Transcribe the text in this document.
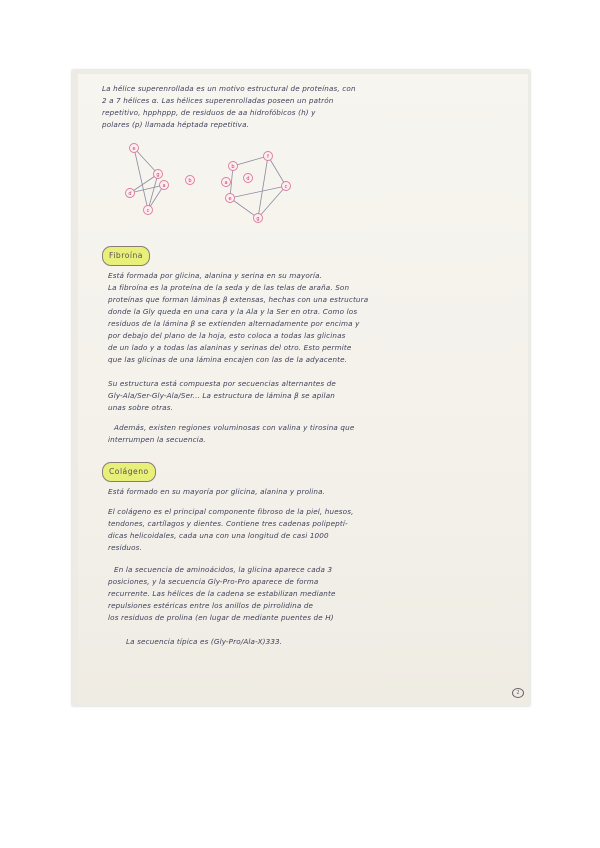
La hélice superenrollada es un motivo estructural de proteínas, con

2 a 7 hélices α. Las hélices superenrolladas poseen un patrón

repetitivo, hpphppp, de residuos de aa hidrofóbicos (h) y

polares (p) llamada héptada repetitiva.

e
g
d
a
c
b
b
f
c
g
e
a
d
Fibroína

Está formada por glicina, alanina y serina en su mayoría.

La fibroína es la proteína de la seda y de las telas de araña. Son

proteínas que forman láminas β extensas, hechas con una estructura

donde la Gly queda en una cara y la Ala y la Ser en otra. Como los

residuos de la lámina β se extienden alternadamente por encima y

por debajo del plano de la hoja, esto coloca a todas las glicinas

de un lado y a todas las alaninas y serinas del otro. Esto permite

que las glicinas de una lámina encajen con las de la adyacente.

Su estructura está compuesta por secuencias alternantes de

Gly-Ala/Ser-Gly-Ala/Ser... La estructura de lámina β se apilan

unas sobre otras.

Además, existen regiones voluminosas con valina y tirosina que

interrumpen la secuencia.

Colágeno

Está formado en su mayoría por glicina, alanina y prolina.

El colágeno es el principal componente fibroso de la piel, huesos,

tendones, cartílagos y dientes. Contiene tres cadenas polipeptí-

dicas helicoidales, cada una con una longitud de casi 1000

residuos.

En la secuencia de aminoácidos, la glicina aparece cada 3

posiciones, y la secuencia Gly-Pro-Pro aparece de forma

recurrente. Las hélices de la cadena se estabilizan mediante

repulsiones estéricas entre los anillos de pirrolidina de

los residuos de prolina (en lugar de mediante puentes de H)

La secuencia típica es (Gly-Pro/Ala-X)333.

2
